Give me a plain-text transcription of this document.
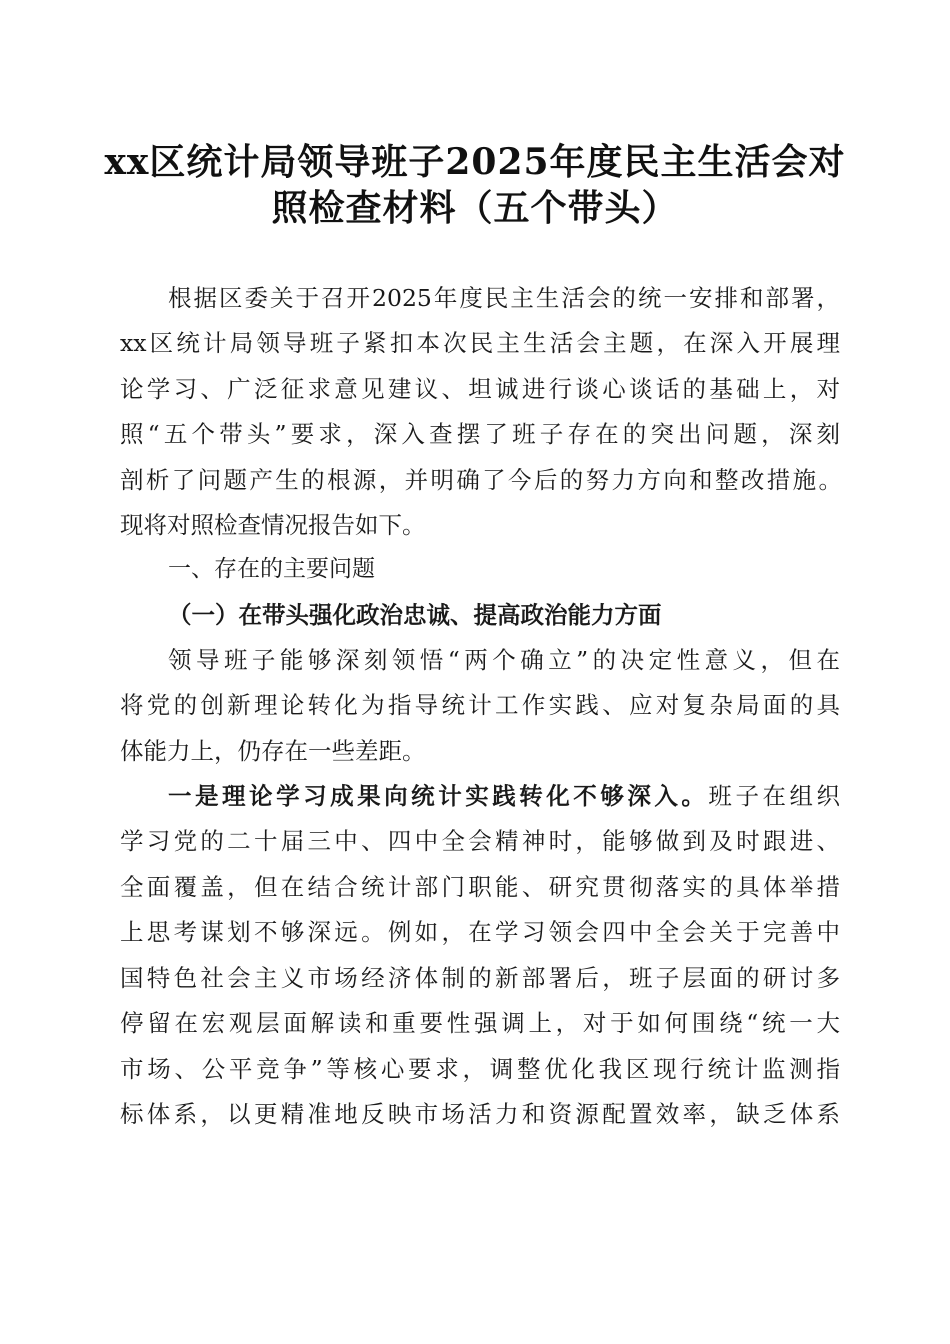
xx区统计局领导班子2025年度民主生活会对
照检查材料（五个带头）
根据区委关于召开2025年度民主生活会的统一安排和部署，
xx区统计局领导班子紧扣本次民主生活会主题，在深入开展理
论学习、广泛征求意见建议、坦诚进行谈心谈话的基础上，对
照“五个带头”要求，深入查摆了班子存在的突出问题，深刻
剖析了问题产生的根源，并明确了今后的努力方向和整改措施。
现将对照检查情况报告如下。
一、存在的主要问题
（一）在带头强化政治忠诚、提高政治能力方面
领导班子能够深刻领悟“两个确立”的决定性意义，但在
将党的创新理论转化为指导统计工作实践、应对复杂局面的具
体能力上，仍存在一些差距。
一是理论学习成果向统计实践转化不够深入。班子在组织
学习党的二十届三中、四中全会精神时，能够做到及时跟进、
全面覆盖，但在结合统计部门职能、研究贯彻落实的具体举措
上思考谋划不够深远。例如，在学习领会四中全会关于完善中
国特色社会主义市场经济体制的新部署后，班子层面的研讨多
停留在宏观层面解读和重要性强调上，对于如何围绕“统一大
市场、公平竞争”等核心要求，调整优化我区现行统计监测指
标体系，以更精准地反映市场活力和资源配置效率，缺乏体系
